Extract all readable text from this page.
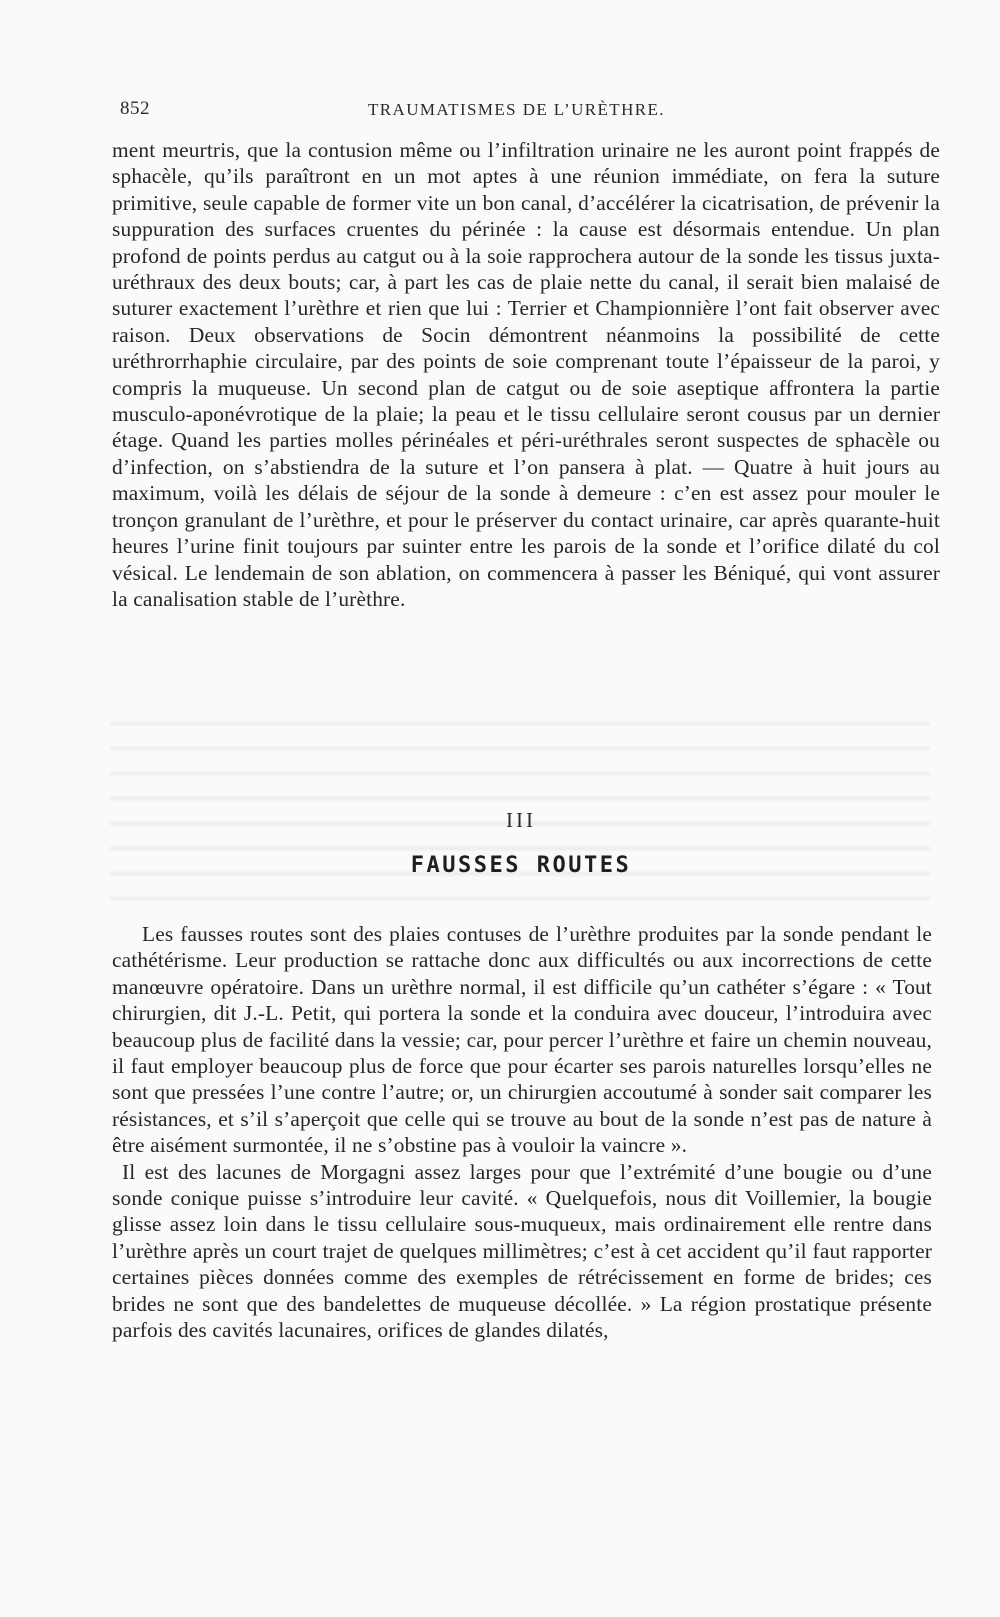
852	TRAUMATISMES DE L’URÈTHRE.

ment meurtris, que la contusion même ou l’infiltration urinaire ne les auront point frappés de sphacèle, qu’ils paraîtront en un mot aptes à une réunion immédiate, on fera la suture primitive, seule capable de former vite un bon canal, d’accélérer la cicatrisation, de prévenir la suppuration des surfaces cruentes du périnée : la cause est désormais entendue. Un plan profond de points perdus au catgut ou à la soie rapprochera autour de la sonde les tissus juxta-uréthraux des deux bouts; car, à part les cas de plaie nette du canal, il serait bien malaisé de suturer exactement l’urèthre et rien que lui : Terrier et Championnière l’ont fait observer avec raison. Deux observations de Socin démontrent néanmoins la possibilité de cette uréthrorrhaphie circulaire, par des points de soie comprenant toute l’épaisseur de la paroi, y compris la muqueuse. Un second plan de catgut ou de soie aseptique affrontera la partie musculo-aponévrotique de la plaie; la peau et le tissu cellulaire seront cousus par un dernier étage. Quand les parties molles périnéales et péri-uréthrales seront suspectes de sphacèle ou d’infection, on s’abstiendra de la suture et l’on pansera à plat. — Quatre à huit jours au maximum, voilà les délais de séjour de la sonde à demeure : c’en est assez pour mouler le tronçon granulant de l’urèthre, et pour le préserver du contact urinaire, car après quarante-huit heures l’urine finit toujours par suinter entre les parois de la sonde et l’orifice dilaté du col vésical. Le lendemain de son ablation, on commencera à passer les Béniqué, qui vont assurer la canalisation stable de l’urèthre.

III
FAUSSES ROUTES

Les fausses routes sont des plaies contuses de l’urèthre produites par la sonde pendant le cathétérisme. Leur production se rattache donc aux difficultés ou aux incorrections de cette manœuvre opératoire. Dans un urèthre normal, il est difficile qu’un cathéter s’égare : « Tout chirurgien, dit J.-L. Petit, qui portera la sonde et la conduira avec douceur, l’introduira avec beaucoup plus de facilité dans la vessie; car, pour percer l’urèthre et faire un chemin nouveau, il faut employer beaucoup plus de force que pour écarter ses parois naturelles lorsqu’elles ne sont que pressées l’une contre l’autre; or, un chirurgien accoutumé à sonder sait comparer les résistances, et s’il s’aperçoit que celle qui se trouve au bout de la sonde n’est pas de nature à être aisément surmontée, il ne s’obstine pas à vouloir la vaincre ».

Il est des lacunes de Morgagni assez larges pour que l’extrémité d’une bougie ou d’une sonde conique puisse s’introduire leur cavité. « Quelquefois, nous dit Voillemier, la bougie glisse assez loin dans le tissu cellulaire sous-muqueux, mais ordinairement elle rentre dans l’urèthre après un court trajet de quelques millimètres; c’est à cet accident qu’il faut rapporter certaines pièces données comme des exemples de rétrécissement en forme de brides; ces brides ne sont que des bandelettes de muqueuse décollée. » La région prostatique présente parfois des cavités lacunaires, orifices de glandes dilatés,
